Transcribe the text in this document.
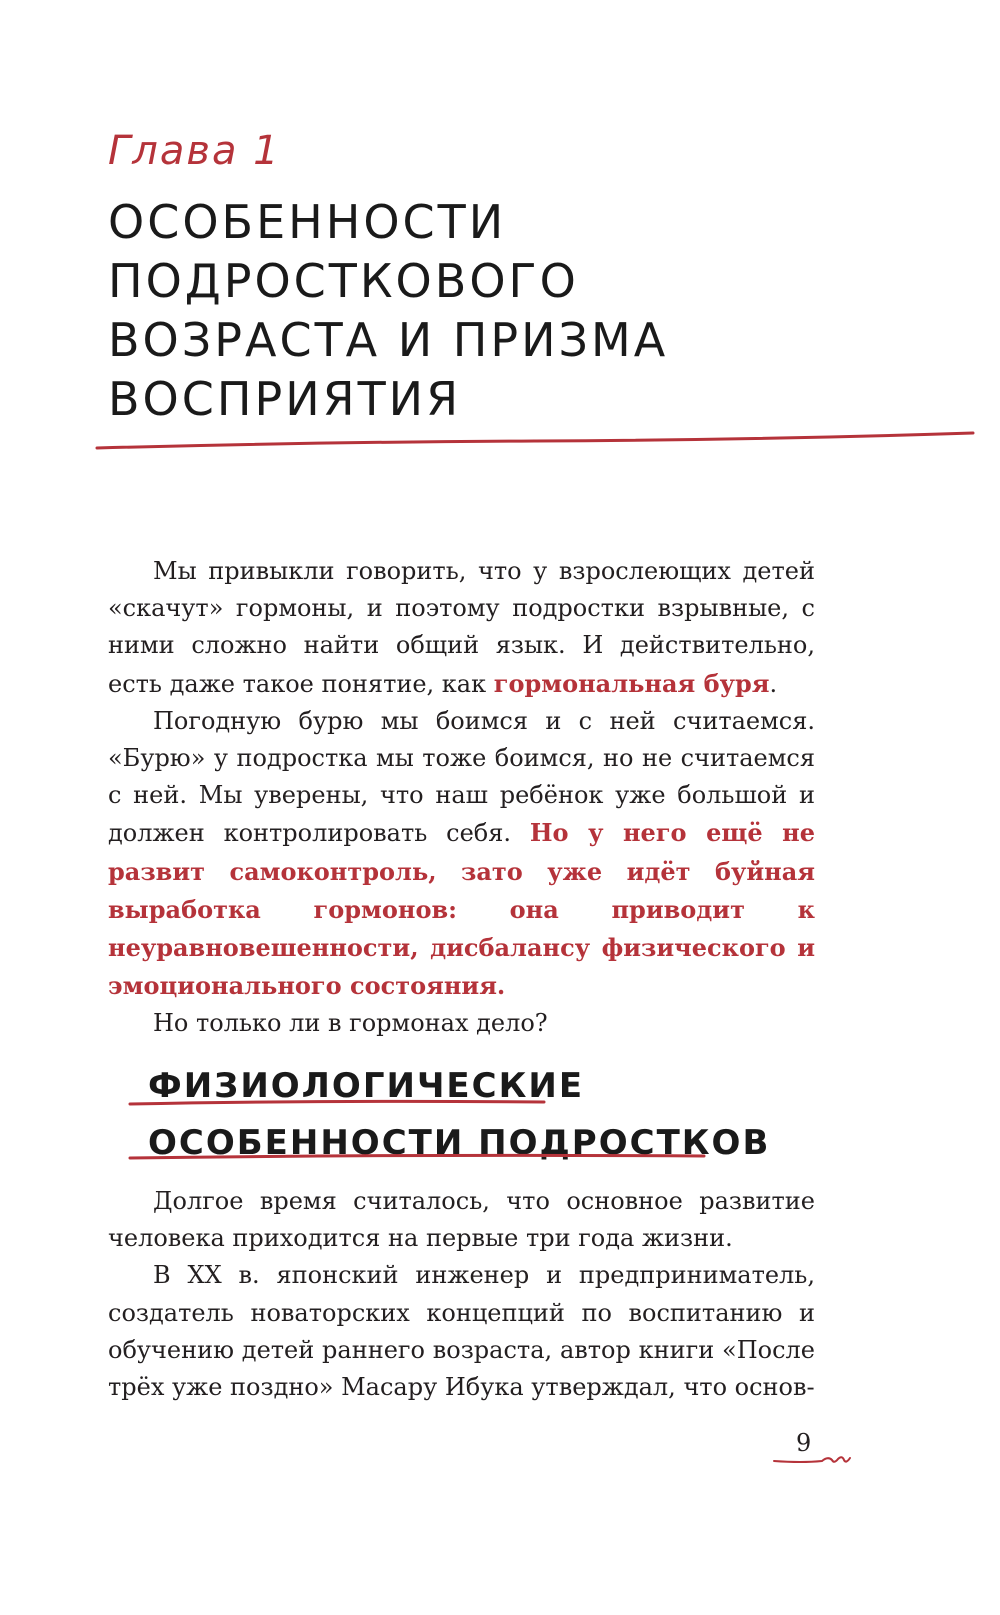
Глава 1
ОСОБЕННОСТИ
ПОДРОСТКОВОГО
ВОЗРАСТА И ПРИЗМА
ВОСПРИЯТИЯ

Мы привыкли говорить, что у взрослеющих детей «скачут» гормоны, и поэтому подростки взрывные, с ними сложно найти общий язык. И действительно, есть даже такое понятие, как гормональная буря.

Погодную бурю мы боимся и с ней считаемся. «Бурю» у подростка мы тоже боимся, но не считаемся с ней. Мы уверены, что наш ребёнок уже большой и должен контролировать себя. Но у него ещё не развит самоконтроль, зато уже идёт буйная выработка гормонов: она приводит к неуравновешенности, дисбалансу физического и эмоционального состояния.

Но только ли в гормонах дело?

ФИЗИОЛОГИЧЕСКИЕ
ОСОБЕННОСТИ ПОДРОСТКОВ

Долгое время считалось, что основное развитие человека приходится на первые три года жизни.

В XX в. японский инженер и предприниматель, создатель новаторских концепций по воспитанию и обучению детей раннего возраста, автор книги «После трёх уже поздно» Масару Ибука утверждал, что основ-

9
